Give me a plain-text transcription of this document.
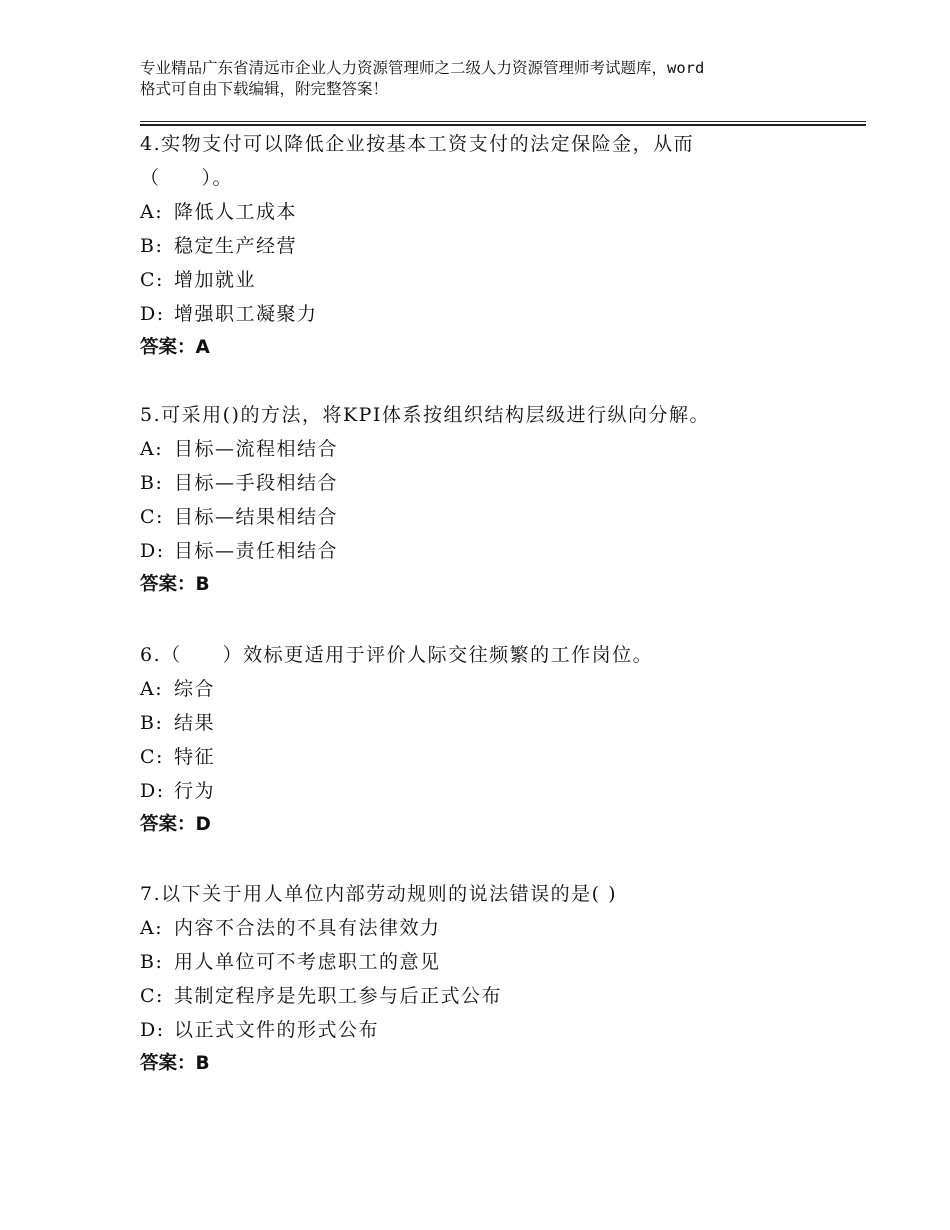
专业精品广东省清远市企业人力资源管理师之二级人力资源管理师考试题库，word
格式可自由下载编辑，附完整答案！
4.实物支付可以降低企业按基本工资支付的法定保险金，从而
（　　）。
A: 降低人工成本
B: 稳定生产经营
C: 增加就业
D: 增强职工凝聚力
答案：A
5.可采用()的方法，将KPI体系按组织结构层级进行纵向分解。
A: 目标—流程相结合
B: 目标—手段相结合
C: 目标—结果相结合
D: 目标—责任相结合
答案：B
6.（　　）效标更适用于评价人际交往频繁的工作岗位。
A: 综合
B: 结果
C: 特征
D: 行为
答案：D
7.以下关于用人单位内部劳动规则的说法错误的是( )
A: 内容不合法的不具有法律效力
B: 用人单位可不考虑职工的意见
C: 其制定程序是先职工参与后正式公布
D: 以正式文件的形式公布
答案：B
